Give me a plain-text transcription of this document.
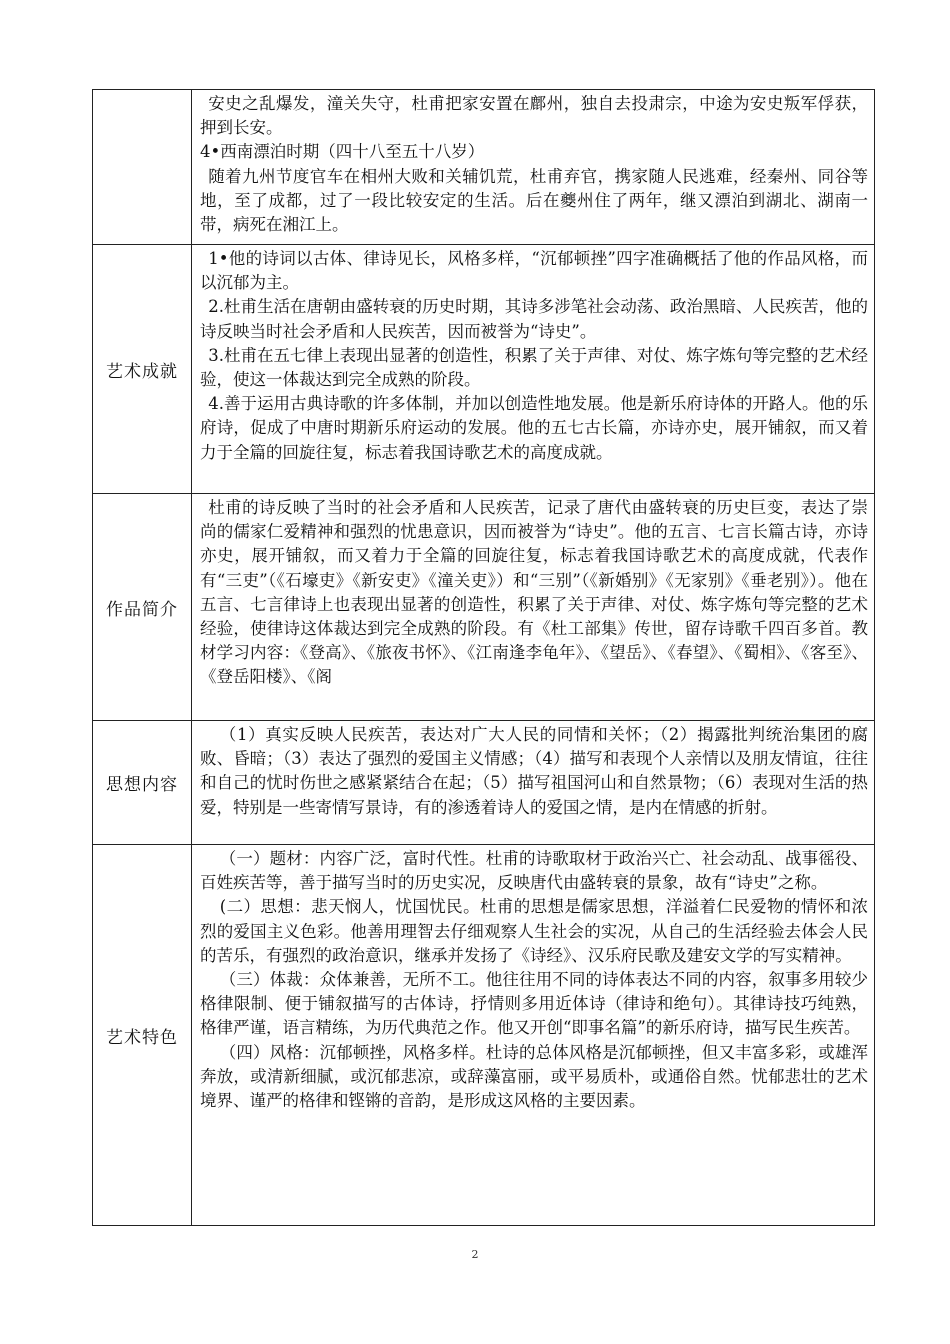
	安史之乱爆发，潼关失守，杜甫把家安置在鄜州，独自去投肃宗，中途为安史叛军俘获，押到长安。

4•西南漂泊时期（四十八至五十八岁）

随着九州节度官车在相州大败和关辅饥荒，杜甫弃官，携家随人民逃难，经秦州、同谷等地，至了成都，过了一段比较安定的生活。后在夔州住了两年，继又漂泊到湖北、湖南一带，病死在湘江上。

艺术成就	1•他的诗词以古体、律诗见长，风格多样，“沉郁顿挫”四字准确概括了他的作品风格，而以沉郁为主。

2.杜甫生活在唐朝由盛转衰的历史时期，其诗多涉笔社会动荡、政治黑暗、人民疾苦，他的诗反映当时社会矛盾和人民疾苦，因而被誉为“诗史”。

3.杜甫在五七律上表现出显著的创造性，积累了关于声律、对仗、炼字炼句等完整的艺术经验，使这一体裁达到完全成熟的阶段。

4.善于运用古典诗歌的许多体制，并加以创造性地发展。他是新乐府诗体的开路人。他的乐府诗，促成了中唐时期新乐府运动的发展。他的五七古长篇，亦诗亦史，展开铺叙，而又着力于全篇的回旋往复，标志着我国诗歌艺术的高度成就。

作品简介	杜甫的诗反映了当时的社会矛盾和人民疾苦，记录了唐代由盛转衰的历史巨变，表达了崇尚的儒家仁爱精神和强烈的忧患意识，因而被誉为“诗史”。他的五言、七言长篇古诗，亦诗亦史，展开铺叙，而又着力于全篇的回旋往复，标志着我国诗歌艺术的高度成就，代表作有“三吏”（《石壕吏》《新安吏》《潼关吏》）和“三别”（《新婚别》《无家别》《垂老别》）。他在五言、七言律诗上也表现出显著的创造性，积累了关于声律、对仗、炼字炼句等完整的艺术经验，使律诗这体裁达到完全成熟的阶段。有《杜工部集》传世，留存诗歌千四百多首。教材学习内容：《登高》、《旅夜书怀》、《江南逢李龟年》、《望岳》、《春望》、《蜀相》、《客至》、《登岳阳楼》、《阁

思想内容	（1）真实反映人民疾苦，表达对广大人民的同情和关怀；（2）揭露批判统治集团的腐败、昏暗；（3）表达了强烈的爱国主义情感；（4）描写和表现个人亲情以及朋友情谊，往往和自己的忧时伤世之感紧紧结合在起；（5）描写祖国河山和自然景物；（6）表现对生活的热爱，特别是一些寄情写景诗，有的渗透着诗人的爱国之情，是内在情感的折射。

艺术特色	（一）题材：内容广泛，富时代性。杜甫的诗歌取材于政治兴亡、社会动乱、战事徭役、百姓疾苦等，善于描写当时的历史实况，反映唐代由盛转衰的景象，故有“诗史”之称。

(二）思想：悲天悯人，忧国忧民。杜甫的思想是儒家思想，洋溢着仁民爱物的情怀和浓烈的爱国主义色彩。他善用理智去仔细观察人生社会的实况，从自己的生活经验去体会人民的苦乐，有强烈的政治意识，继承并发扬了《诗经》、汉乐府民歌及建安文学的写实精神。

（三）体裁：众体兼善，无所不工。他往往用不同的诗体表达不同的内容，叙事多用较少格律限制、便于铺叙描写的古体诗，抒情则多用近体诗（律诗和绝句）。其律诗技巧纯熟，格律严谨，语言精练，为历代典范之作。他又开创“即事名篇”的新乐府诗，描写民生疾苦。

（四）风格：沉郁顿挫，风格多样。杜诗的总体风格是沉郁顿挫，但又丰富多彩，或雄浑奔放，或清新细腻，或沉郁悲凉，或辞藻富丽，或平易质朴，或通俗自然。忧郁悲壮的艺术境界、谨严的格律和铿锵的音韵，是形成这风格的主要因素。

2
